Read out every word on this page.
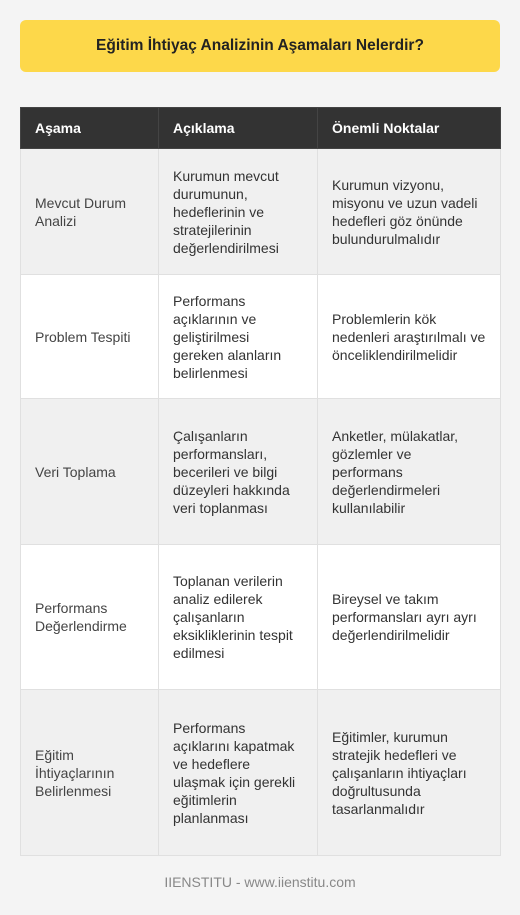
Eğitim İhtiyaç Analizinin Aşamaları Nelerdir?
Aşama	Açıklama	Önemli Noktalar
Mevcut Durum Analizi	Kurumun mevcut durumunun, hedeflerinin ve stratejilerinin değerlendirilmesi	Kurumun vizyonu, misyonu ve uzun vadeli hedefleri göz önünde bulundurulmalıdır
Problem Tespiti	Performans açıklarının ve geliştirilmesi gereken alanların belirlenmesi	Problemlerin kök nedenleri araştırılmalı ve önceliklendirilmelidir
Veri Toplama	Çalışanların performansları, becerileri ve bilgi düzeyleri hakkında veri toplanması	Anketler, mülakatlar, gözlemler ve performans değerlendirmeleri kullanılabilir
Performans Değerlendirme	Toplanan verilerin analiz edilerek çalışanların eksikliklerinin tespit edilmesi	Bireysel ve takım performansları ayrı ayrı değerlendirilmelidir
Eğitim İhtiyaçlarının Belirlenmesi	Performans açıklarını kapatmak ve hedeflere ulaşmak için gerekli eğitimlerin planlanması	Eğitimler, kurumun stratejik hedefleri ve çalışanların ihtiyaçları doğrultusunda tasarlanmalıdır
IIENSTITU - www.iienstitu.com
